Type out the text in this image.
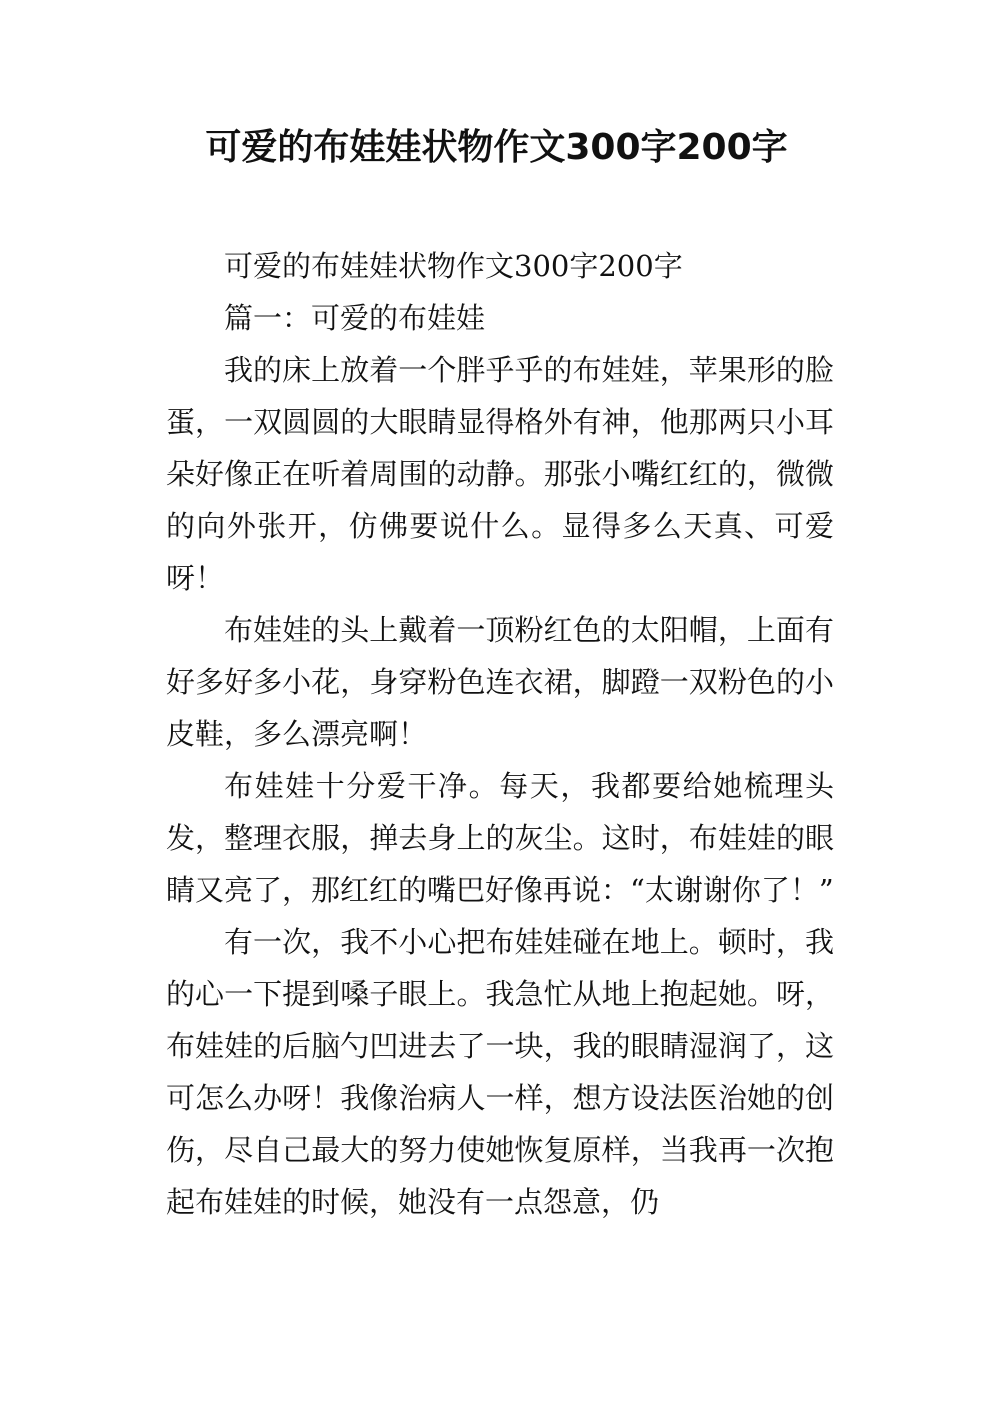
可爱的布娃娃状物作文300字200字

可爱的布娃娃状物作文300字200字

篇一：可爱的布娃娃

我的床上放着一个胖乎乎的布娃娃，苹果形的脸蛋，一双圆圆的大眼睛显得格外有神，他那两只小耳朵好像正在听着周围的动静。那张小嘴红红的，微微的向外张开，仿佛要说什么。显得多么天真、可爱呀！

布娃娃的头上戴着一顶粉红色的太阳帽，上面有好多好多小花，身穿粉色连衣裙，脚蹬一双粉色的小皮鞋，多么漂亮啊！

布娃娃十分爱干净。每天，我都要给她梳理头发，整理衣服，掸去身上的灰尘。这时，布娃娃的眼睛又亮了，那红红的嘴巴好像再说：“太谢谢你了！”

有一次，我不小心把布娃娃碰在地上。顿时，我的心一下提到嗓子眼上。我急忙从地上抱起她。呀，布娃娃的后脑勺凹进去了一块，我的眼睛湿润了，这可怎么办呀！我像治病人一样，想方设法医治她的创伤，尽自己最大的努力使她恢复原样，当我再一次抱起布娃娃的时候，她没有一点怨意，仍
